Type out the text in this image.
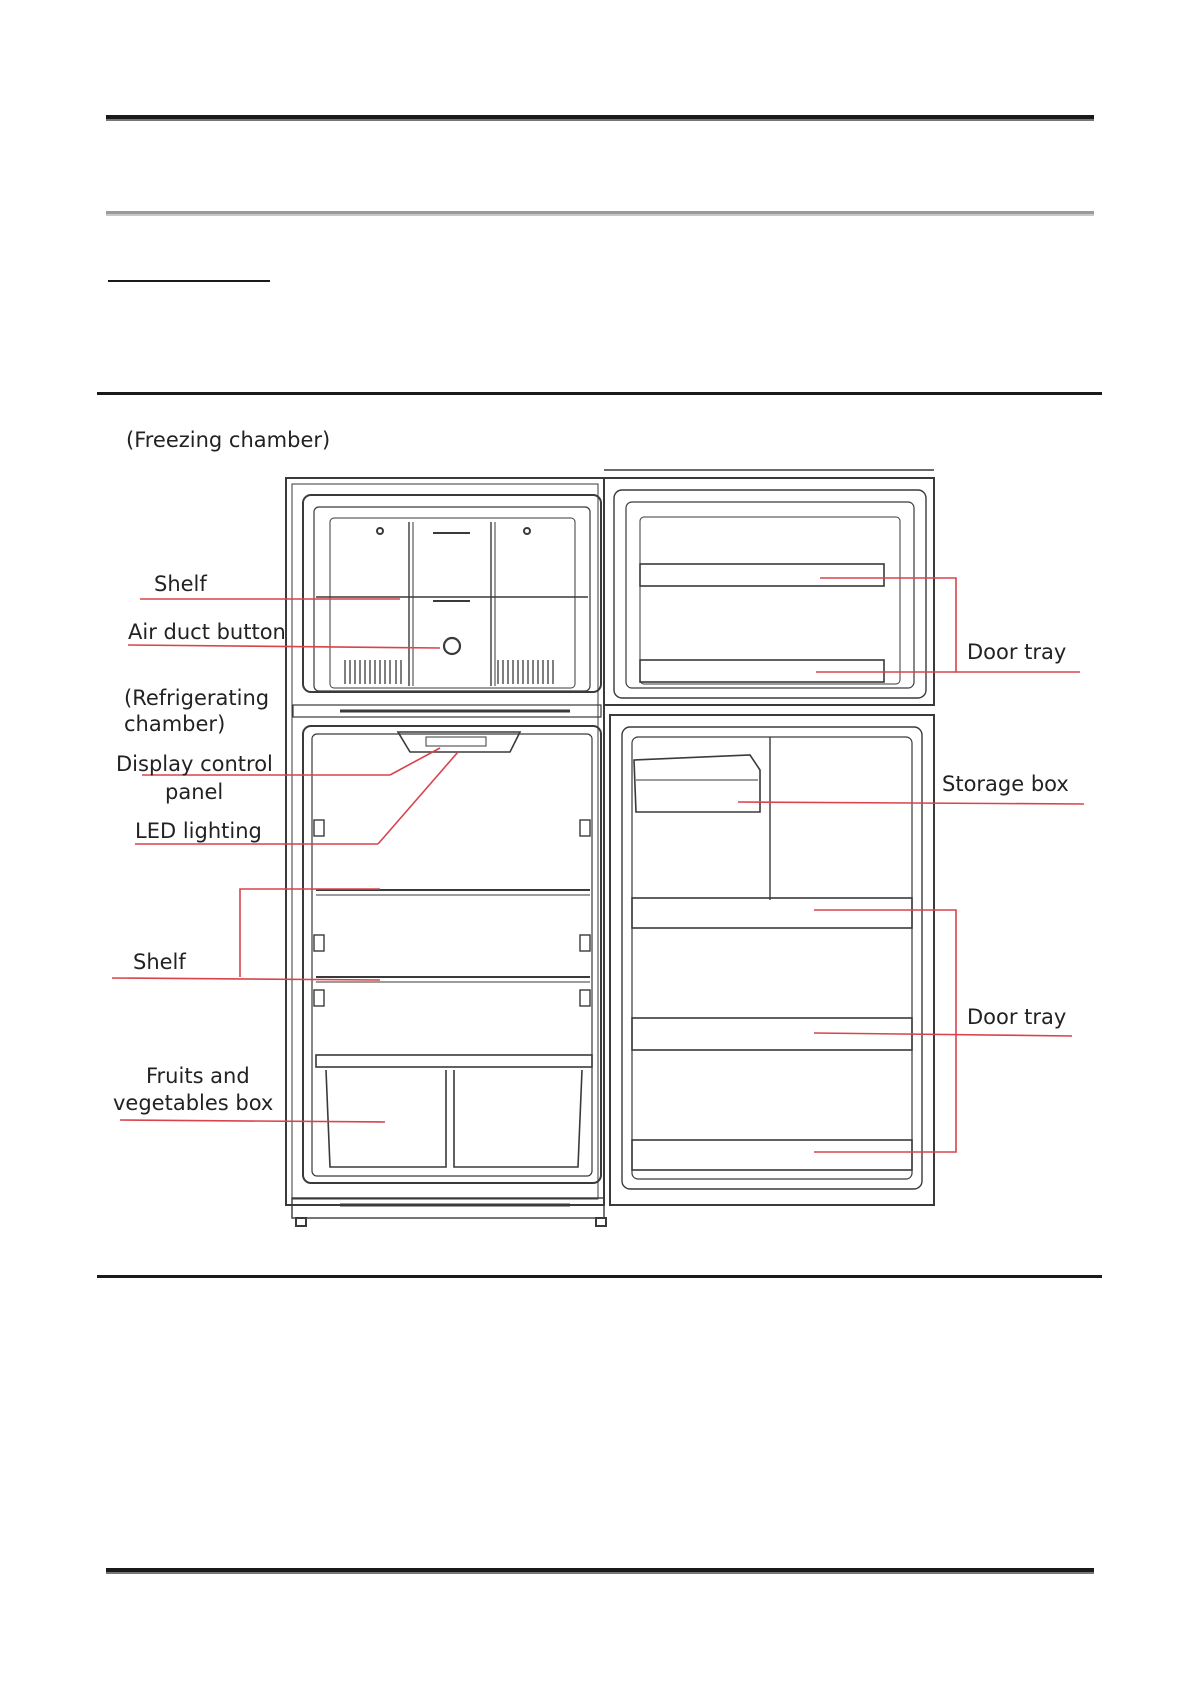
(Freezing chamber)
Shelf
Air duct button
(Refrigerating
chamber)
Display control
panel
LED lighting
Shelf
Fruits and
vegetables box
Door tray
Storage box
Door tray
